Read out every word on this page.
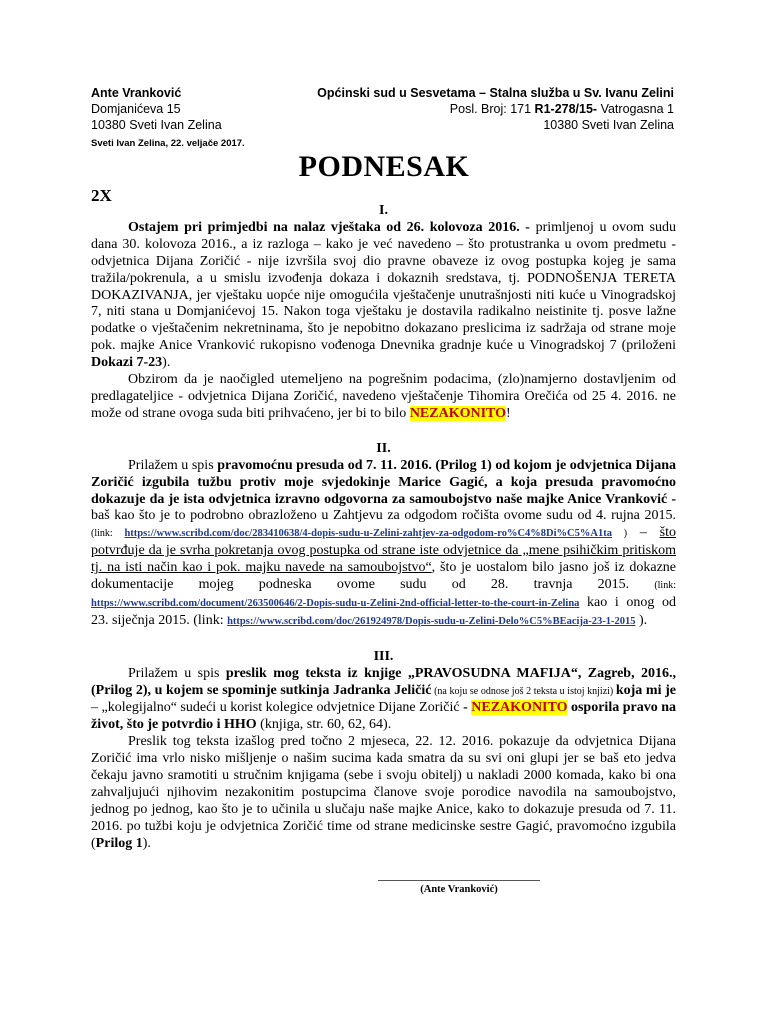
Ante Vranković
Domjanićeva 15
10380 Sveti Ivan Zelina
Općinski sud u Sesvetama – Stalna služba u Sv. Ivanu Zelini
Posl. Broj: 171 R1-278/15- Vatrogasna 1
10380 Sveti Ivan Zelina
Sveti Ivan Zelina, 22. veljače 2017.
PODNESAK
2X
I.

Ostajem pri primjedbi na nalaz vještaka od 26. kolovoza 2016. - primljenoj u ovom sudu dana 30. kolovoza 2016., a iz razloga – kako je već navedeno – što protustranka u ovom predmetu - odvjetnica Dijana Zoričić - nije izvršila svoj dio pravne obaveze iz ovog postupka kojeg je sama tražila/pokrenula, a u smislu izvođenja dokaza i dokaznih sredstava, tj. PODNOŠENJA TERETA DOKAZIVANJA, jer vještaku uopće nije omogućila vještačenje unutrašnjosti niti kuće u Vinogradskoj 7, niti stana u Domjanićevoj 15. Nakon toga vještaku je dostavila radikalno neistinite tj. posve lažne podatke o vještačenim nekretninama, što je nepobitno dokazano preslicima iz sadržaja od strane moje pok. majke Anice Vranković rukopisno vođenoga Dnevnika gradnje kuće u Vinogradskoj 7 (priloženi Dokazi 7-23).

Obzirom da je naočigled utemeljeno na pogrešnim podacima, (zlo)namjerno dostavljenim od predlagateljice - odvjetnica Dijana Zoričić, navedeno vještačenje Tihomira Orečića od 25 4. 2016. ne može od strane ovoga suda biti prihvaćeno, jer bi to bilo NEZAKONITO!

II.

Prilažem u spis pravomoćnu presuda od 7. 11. 2016. (Prilog 1) od kojom je odvjetnica Dijana Zoričić izgubila tužbu protiv moje svjedokinje Marice Gagić, a koja presuda pravomoćno dokazuje da je ista odvjetnica izravno odgovorna za samoubojstvo naše majke Anice Vranković - baš kao što je to podrobno obrazloženo u Zahtjevu za odgodom ročišta ovome sudu od 4. rujna 2015. (link: https://www.scribd.com/doc/283410638/4-dopis-sudu-u-Zelini-zahtjev-za-odgodom-ro%C4%8Di%C5%A1ta ) – što potvrđuje da je svrha pokretanja ovog postupka od strane iste odvjetnice da „mene psihičkim pritiskom tj. na isti način kao i pok. majku navede na samoubojstvo“, što je uostalom bilo jasno još iz dokazne dokumentacije mojeg podneska ovome sudu od 28. travnja 2015. (link: https://www.scribd.com/document/263500646/2-Dopis-sudu-u-Zelini-2nd-official-letter-to-the-court-in-Zelina kao i onog od 23. siječnja 2015. (link: https://www.scribd.com/doc/261924978/Dopis-sudu-u-Zelini-Delo%C5%BEacija-23-1-2015 ).

III.

Prilažem u spis preslik mog teksta iz knjige „PRAVOSUDNA MAFIJA“, Zagreb, 2016., (Prilog 2), u kojem se spominje sutkinja Jadranka Jeličić (na koju se odnose još 2 teksta u istoj knjizi) koja mi je – „kolegijalno“ sudeći u korist kolegice odvjetnice Dijane Zoričić - NEZAKONITO osporila pravo na život, što je potvrdio i HHO (knjiga, str. 60, 62, 64).

Preslik tog teksta izašlog pred točno 2 mjeseca, 22. 12. 2016. pokazuje da odvjetnica Dijana Zoričić ima vrlo nisko mišljenje o našim sucima kada smatra da su svi oni glupi jer se baš eto jedva čekaju javno sramotiti u stručnim knjigama (sebe i svoju obitelj) u nakladi 2000 komada, kako bi ona zahvaljujući njihovim nezakonitim postupcima članove svoje porodice navodila na samoubojstvo, jednog po jednog, kao što je to učinila u slučaju naše majke Anice, kako to dokazuje presuda od 7. 11. 2016. po tužbi koju je odvjetnica Zoričić time od strane medicinske sestre Gagić, pravomoćno izgubila (Prilog 1).

(Ante Vranković)
